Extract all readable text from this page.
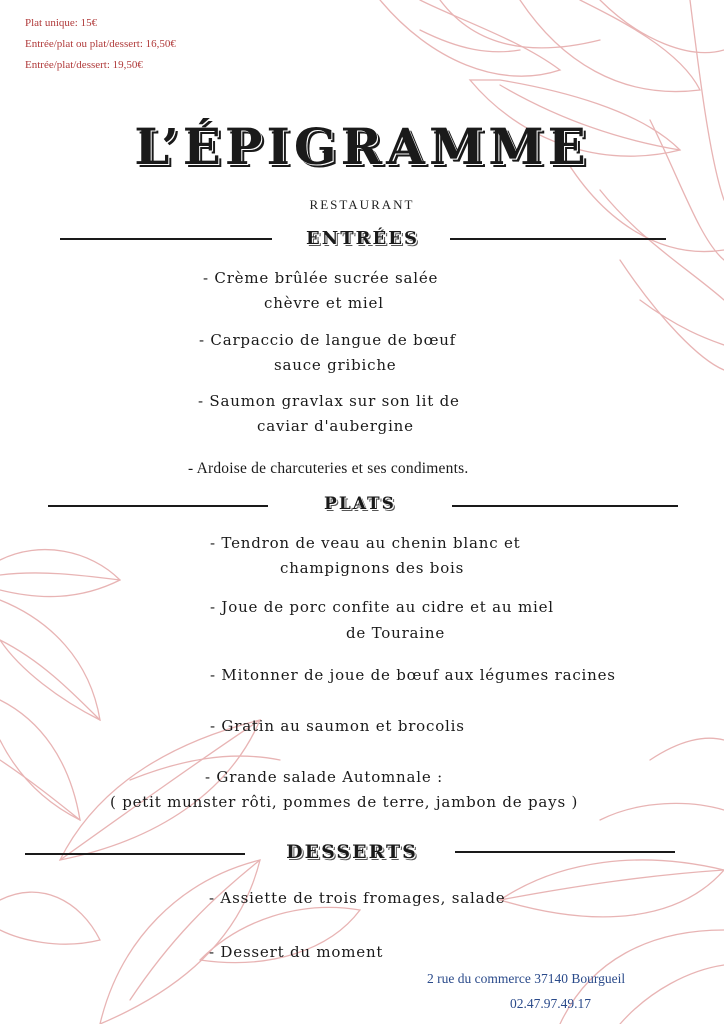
Plat unique: 15€
Entrée/plat ou plat/dessert: 16,50€
Entrée/plat/dessert: 19,50€
L’ÉPIGRAMME
RESTAURANT
ENTRÉES
- Crème brûlée sucrée salée
chèvre et miel
- Carpaccio de langue de bœuf
sauce gribiche
- Saumon gravlax sur son lit de
caviar d'aubergine
- Ardoise de charcuteries et ses condiments.
PLATS
- Tendron de veau au chenin blanc et
champignons des bois
- Joue de porc confite au cidre et au miel
de Touraine
- Mitonner de joue de bœuf aux légumes racines
- Gratin au saumon et brocolis
- Grande salade Automnale :
( petit munster rôti, pommes de terre, jambon de pays )
DESSERTS
- Assiette de trois fromages, salade
- Dessert du moment
2 rue du commerce 37140 Bourgueil
02.47.97.49.17
